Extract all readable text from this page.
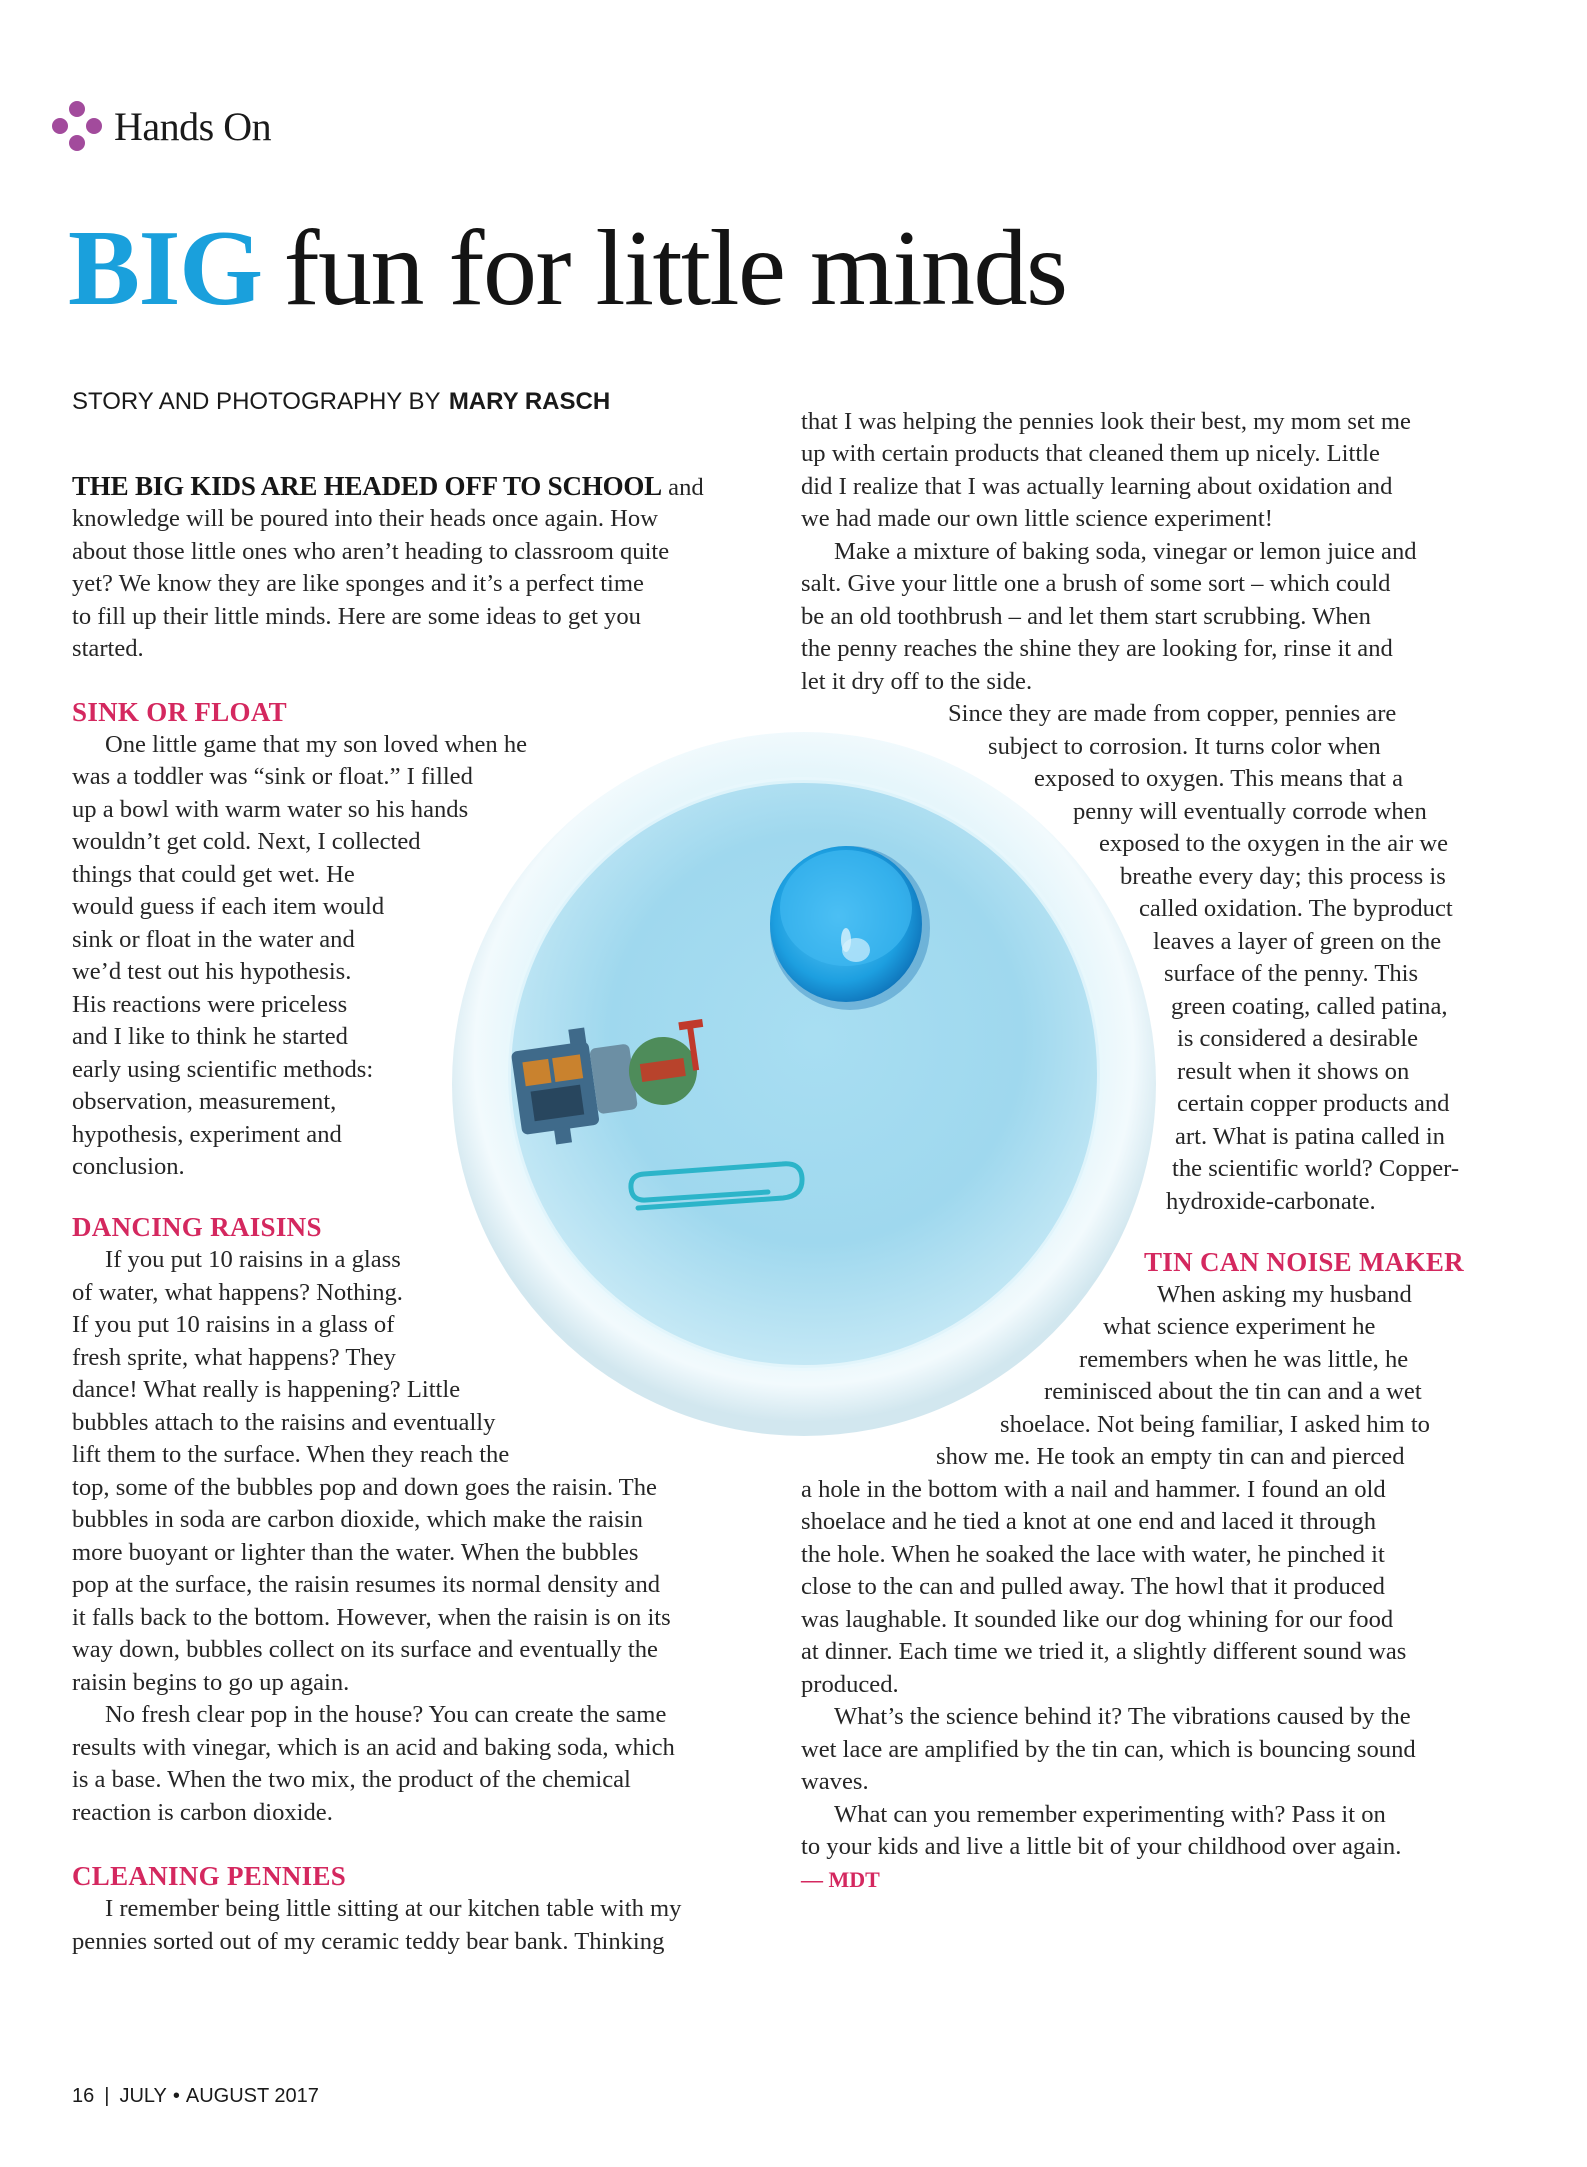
Hands On
BIG fun for little minds
STORY AND PHOTOGRAPHY BY MARY RASCH
THE BIG KIDS ARE HEADED OFF TO SCHOOL and
knowledge will be poured into their heads once again. How
about those little ones who aren’t heading to classroom quite
yet? We know they are like sponges and it’s a perfect time
to fill up their little minds. Here are some ideas to get you
started.
SINK OR FLOAT
One little game that my son loved when he
was a toddler was “sink or float.” I filled
up a bowl with warm water so his hands
wouldn’t get cold. Next, I collected
things that could get wet. He
would guess if each item would
sink or float in the water and
we’d test out his hypothesis.
His reactions were priceless
and I like to think he started
early using scientific methods:
observation, measurement,
hypothesis, experiment and
conclusion.
DANCING RAISINS
If you put 10 raisins in a glass
of water, what happens? Nothing.
If you put 10 raisins in a glass of
fresh sprite, what happens? They
dance! What really is happening? Little
bubbles attach to the raisins and eventually
lift them to the surface. When they reach the
top, some of the bubbles pop and down goes the raisin. The
bubbles in soda are carbon dioxide, which make the raisin
more buoyant or lighter than the water. When the bubbles
pop at the surface, the raisin resumes its normal density and
it falls back to the bottom. However, when the raisin is on its
way down, bubbles collect on its surface and eventually the
raisin begins to go up again.
No fresh clear pop in the house? You can create the same
results with vinegar, which is an acid and baking soda, which
is a base. When the two mix, the product of the chemical
reaction is carbon dioxide.
CLEANING PENNIES
I remember being little sitting at our kitchen table with my
pennies sorted out of my ceramic teddy bear bank. Thinking
that I was helping the pennies look their best, my mom set me
up with certain products that cleaned them up nicely. Little
did I realize that I was actually learning about oxidation and
we had made our own little science experiment!
Make a mixture of baking soda, vinegar or lemon juice and
salt. Give your little one a brush of some sort – which could
be an old toothbrush – and let them start scrubbing. When
the penny reaches the shine they are looking for, rinse it and
let it dry off to the side.
Since they are made from copper, pennies are
subject to corrosion. It turns color when
exposed to oxygen. This means that a
penny will eventually corrode when
exposed to the oxygen in the air we
breathe every day; this process is
called oxidation. The byproduct
leaves a layer of green on the
surface of the penny. This
green coating, called patina,
is considered a desirable
result when it shows on
certain copper products and
art. What is patina called in
the scientific world? Copper-
hydroxide-carbonate.
TIN CAN NOISE MAKER
When asking my husband
what science experiment he
remembers when he was little, he
reminisced about the tin can and a wet
shoelace. Not being familiar, I asked him to
show me. He took an empty tin can and pierced
a hole in the bottom with a nail and hammer. I found an old
shoelace and he tied a knot at one end and laced it through
the hole. When he soaked the lace with water, he pinched it
close to the can and pulled away. The howl that it produced
was laughable. It sounded like our dog whining for our food
at dinner. Each time we tried it, a slightly different sound was
produced.
What’s the science behind it? The vibrations caused by the
wet lace are amplified by the tin can, which is bouncing sound
waves.
What can you remember experimenting with? Pass it on
to your kids and live a little bit of your childhood over again.
— MDT
16 | JULY • AUGUST 2017
